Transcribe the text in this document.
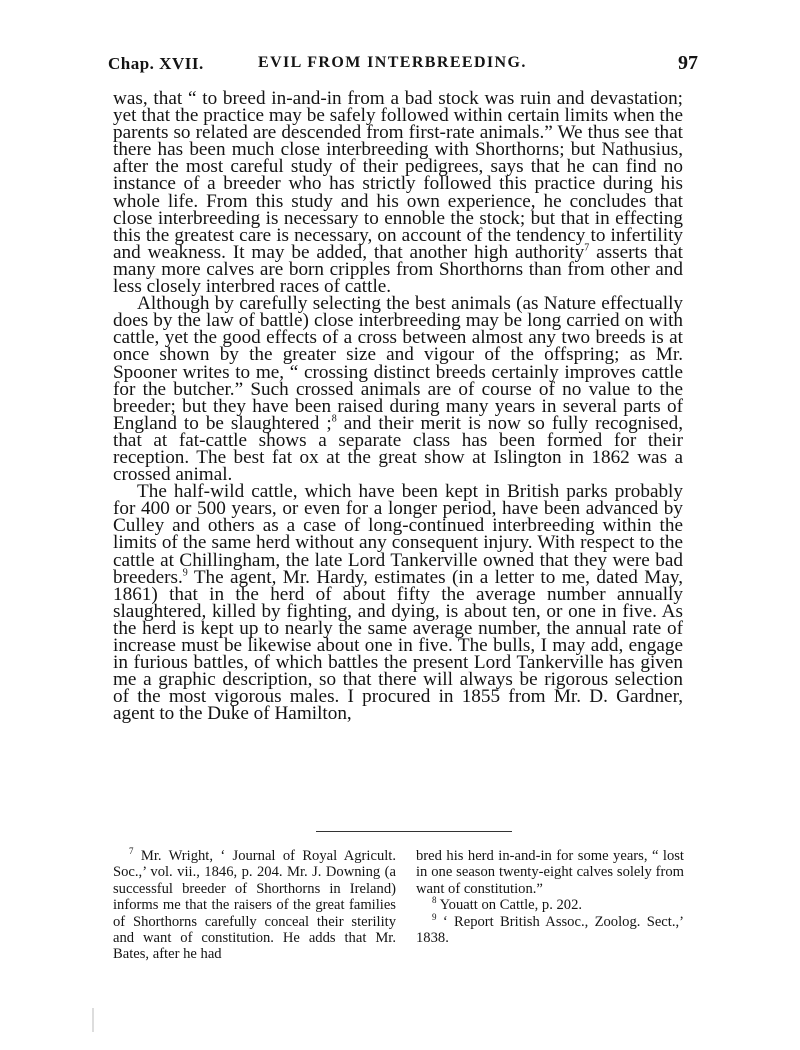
Chap. XVII.	EVIL FROM INTERBREEDING.	97

was, that “ to breed in-and-in from a bad stock was ruin and devastation; yet that the practice may be safely followed within certain limits when the parents so related are descended from first-rate animals.” We thus see that there has been much close interbreeding with Shorthorns; but Nathusius, after the most careful study of their pedigrees, says that he can find no instance of a breeder who has strictly followed this practice during his whole life. From this study and his own experience, he concludes that close interbreeding is necessary to ennoble the stock; but that in effecting this the greatest care is necessary, on account of the tendency to infertility and weakness. It may be added, that another high authority$^7$ asserts that many more calves are born cripples from Shorthorns than from other and less closely interbred races of cattle.

Although by carefully selecting the best animals (as Nature effectually does by the law of battle) close interbreeding may be long carried on with cattle, yet the good effects of a cross between almost any two breeds is at once shown by the greater size and vigour of the offspring; as Mr. Spooner writes to me, “ crossing distinct breeds certainly improves cattle for the butcher.” Such crossed animals are of course of no value to the breeder; but they have been raised during many years in several parts of England to be slaughtered ;$^8$ and their merit is now so fully recognised, that at fat-cattle shows a separate class has been formed for their reception. The best fat ox at the great show at Islington in 1862 was a crossed animal.

The half-wild cattle, which have been kept in British parks probably for 400 or 500 years, or even for a longer period, have been advanced by Culley and others as a case of long-continued interbreeding within the limits of the same herd without any consequent injury. With respect to the cattle at Chillingham, the late Lord Tankerville owned that they were bad breeders.$^9$ The agent, Mr. Hardy, estimates (in a letter to me, dated May, 1861) that in the herd of about fifty the average number annually slaughtered, killed by fighting, and dying, is about ten, or one in five. As the herd is kept up to nearly the same average number, the annual rate of increase must be likewise about one in five. The bulls, I may add, engage in furious battles, of which battles the present Lord Tankerville has given me a graphic description, so that there will always be rigorous selection of the most vigorous males. I procured in 1855 from Mr. D. Gardner, agent to the Duke of Hamilton,

$^7$ Mr. Wright, ‘ Journal of Royal Agricult. Soc.,’ vol. vii., 1846, p. 204. Mr. J. Downing (a successful breeder of Shorthorns in Ireland) informs me that the raisers of the great families of Shorthorns carefully conceal their sterility and want of constitution. He adds that Mr. Bates, after he had

bred his herd in-and-in for some years, “ lost in one season twenty-eight calves solely from want of constitution.”

$^8$ Youatt on Cattle, p. 202.

$^9$ ‘ Report British Assoc., Zoolog. Sect.,’ 1838.
